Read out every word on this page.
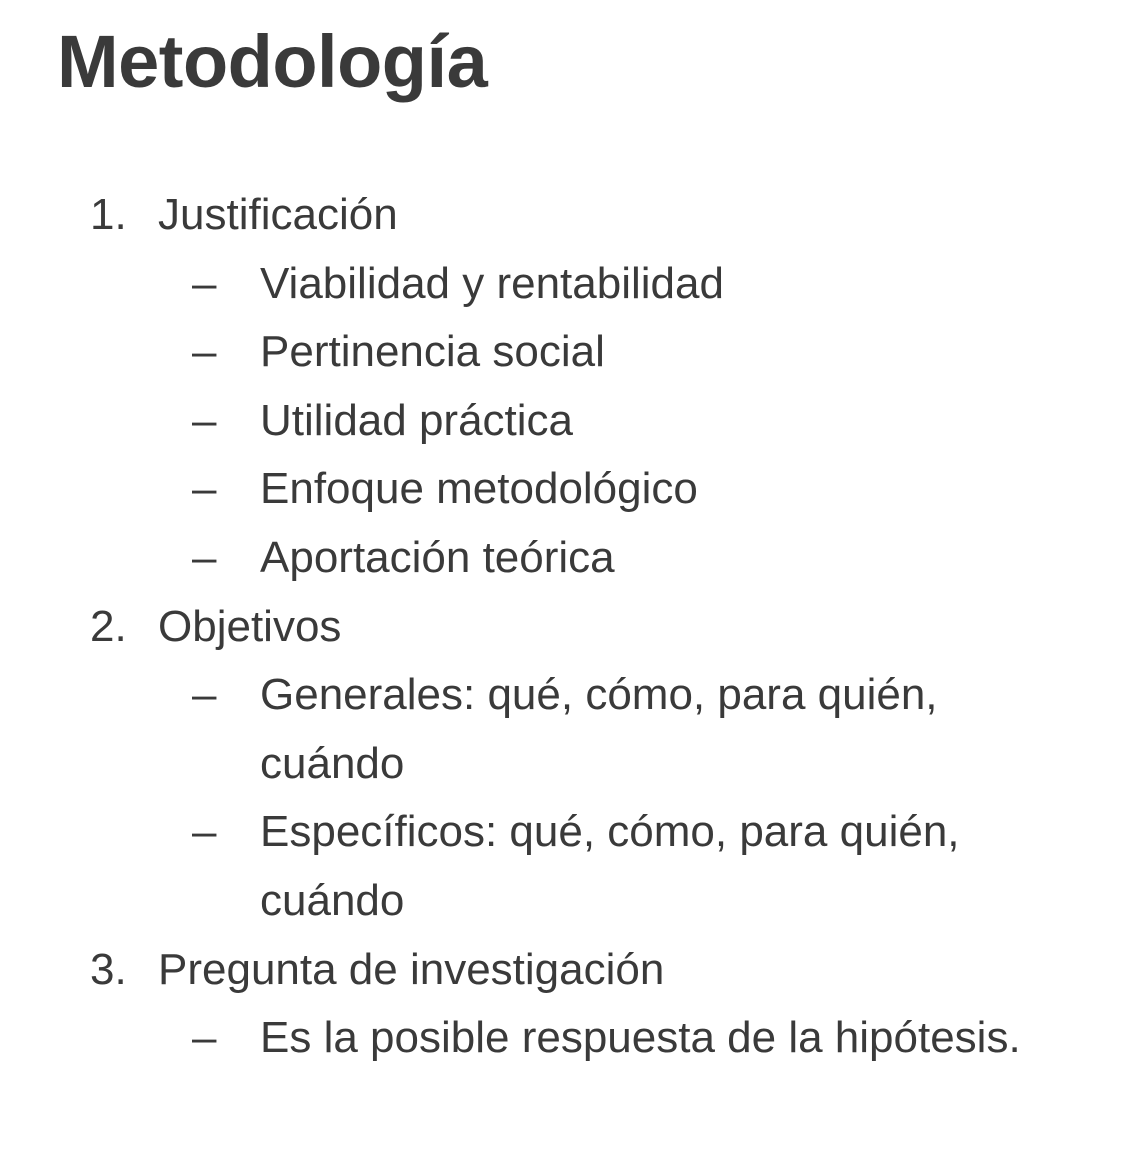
Metodología
1. Justificación
– Viabilidad y rentabilidad
– Pertinencia social
– Utilidad práctica
– Enfoque metodológico
– Aportación teórica
2. Objetivos
– Generales: qué, cómo, para quién, cuándo
– Específicos: qué, cómo, para quién, cuándo
3. Pregunta de investigación
– Es la posible respuesta de la hipótesis.
